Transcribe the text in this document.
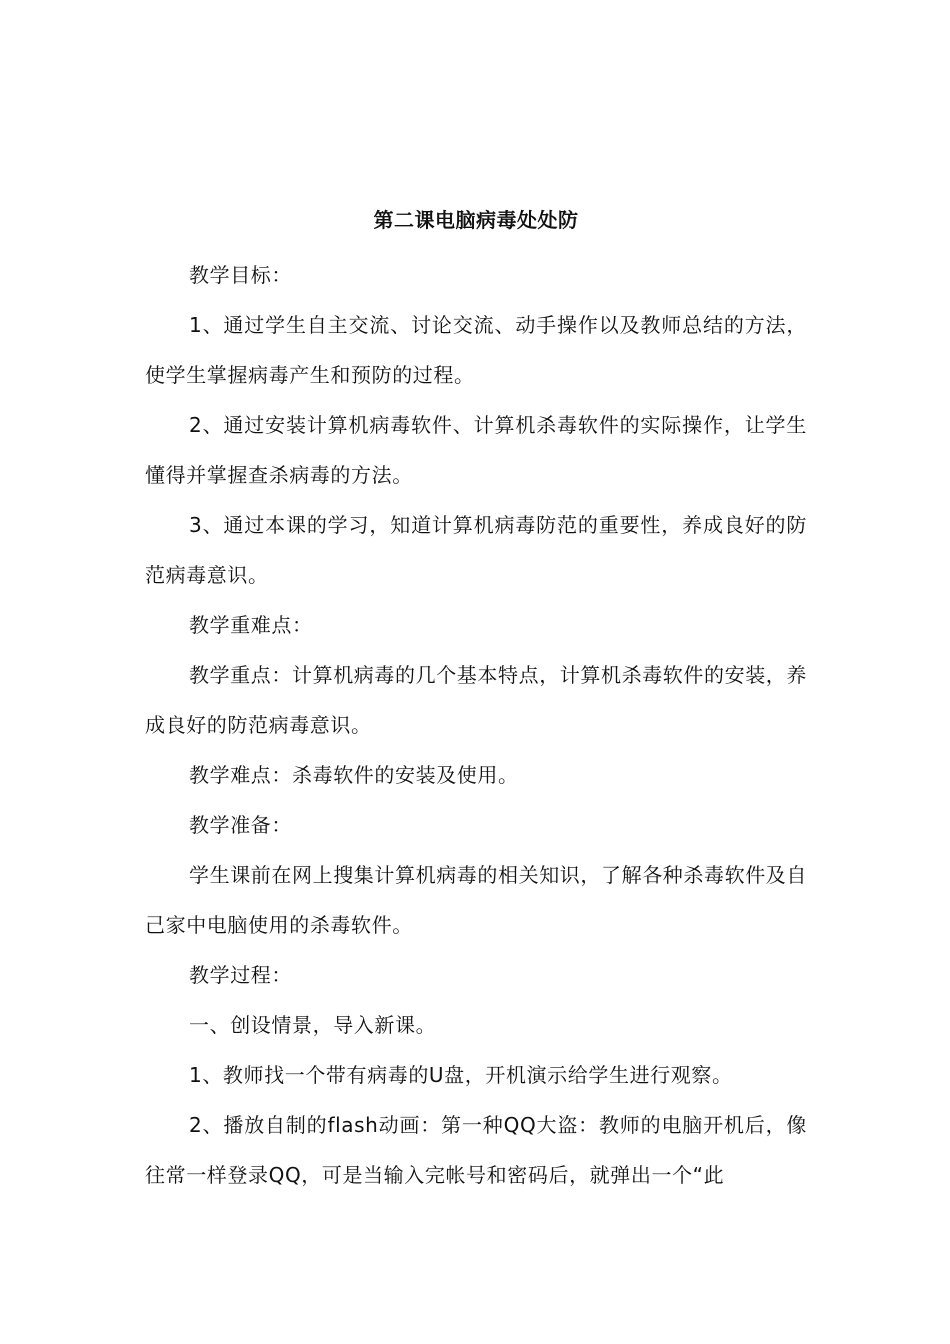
第二课电脑病毒处处防

教学目标：

1、通过学生自主交流、讨论交流、动手操作以及教师总结的方法，使学生掌握病毒产生和预防的过程。

2、通过安装计算机病毒软件、计算机杀毒软件的实际操作，让学生懂得并掌握查杀病毒的方法。

3、通过本课的学习，知道计算机病毒防范的重要性，养成良好的防范病毒意识。

教学重难点：

教学重点：计算机病毒的几个基本特点，计算机杀毒软件的安装，养成良好的防范病毒意识。

教学难点：杀毒软件的安装及使用。

教学准备：

学生课前在网上搜集计算机病毒的相关知识，了解各种杀毒软件及自己家中电脑使用的杀毒软件。

教学过程：

一、创设情景，导入新课。

1、教师找一个带有病毒的U盘，开机演示给学生进行观察。

2、播放自制的flash动画：第一种QQ大盗：教师的电脑开机后，像往常一样登录QQ，可是当输入完帐号和密码后，就弹出一个“此
